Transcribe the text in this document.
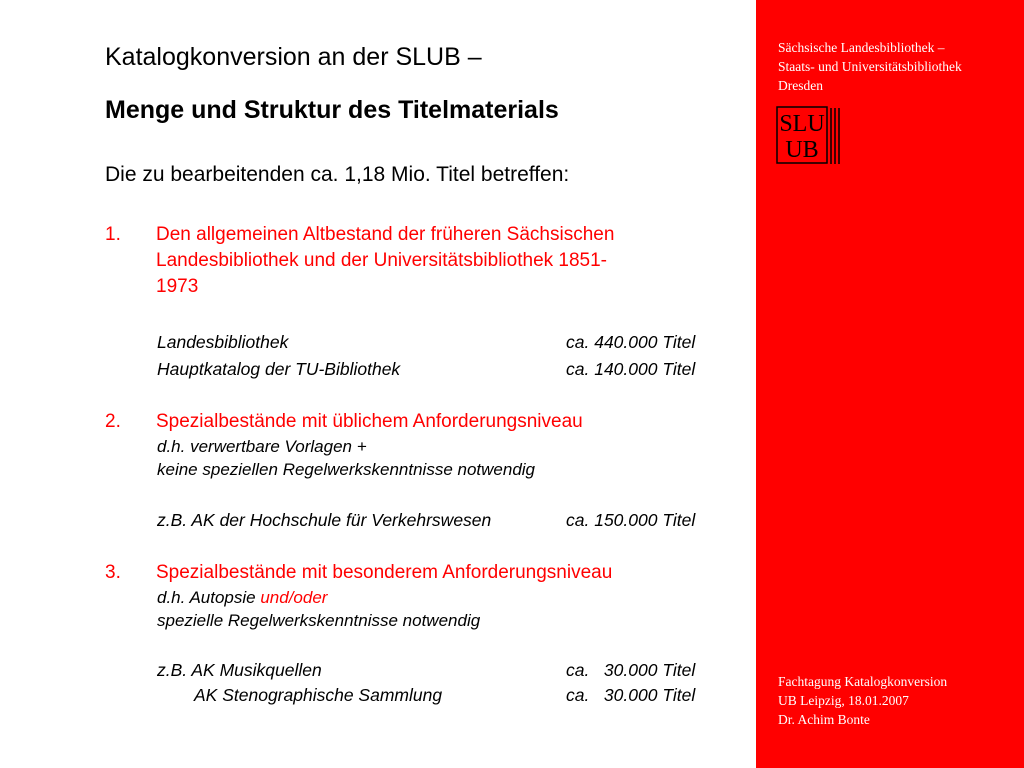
Katalogkonversion an der SLUB –
Menge und Struktur des Titelmaterials
Die zu bearbeitenden ca. 1,18 Mio. Titel betreffen:
1. Den allgemeinen Altbestand der früheren Sächsischen
Landesbibliothek und der Universitätsbibliothek 1851-
1973
Landesbibliothek	ca. 440.000 Titel
Hauptkatalog der TU-Bibliothek	ca. 140.000 Titel
2. Spezialbestände mit üblichem Anforderungsniveau
d.h. verwertbare Vorlagen +
keine speziellen Regelwerkskenntnisse notwendig
z.B. AK der Hochschule für Verkehrswesen	ca. 150.000 Titel
3. Spezialbestände mit besonderem Anforderungsniveau
d.h. Autopsie und/oder
spezielle Regelwerkskenntnisse notwendig
z.B. AK Musikquellen	ca.   30.000 Titel
AK Stenographische Sammlung	ca.   30.000 Titel
Sächsische Landesbibliothek –
Staats- und Universitätsbibliothek
Dresden
SLU
UB
Fachtagung Katalogkonversion
UB Leipzig, 18.01.2007
Dr. Achim Bonte
